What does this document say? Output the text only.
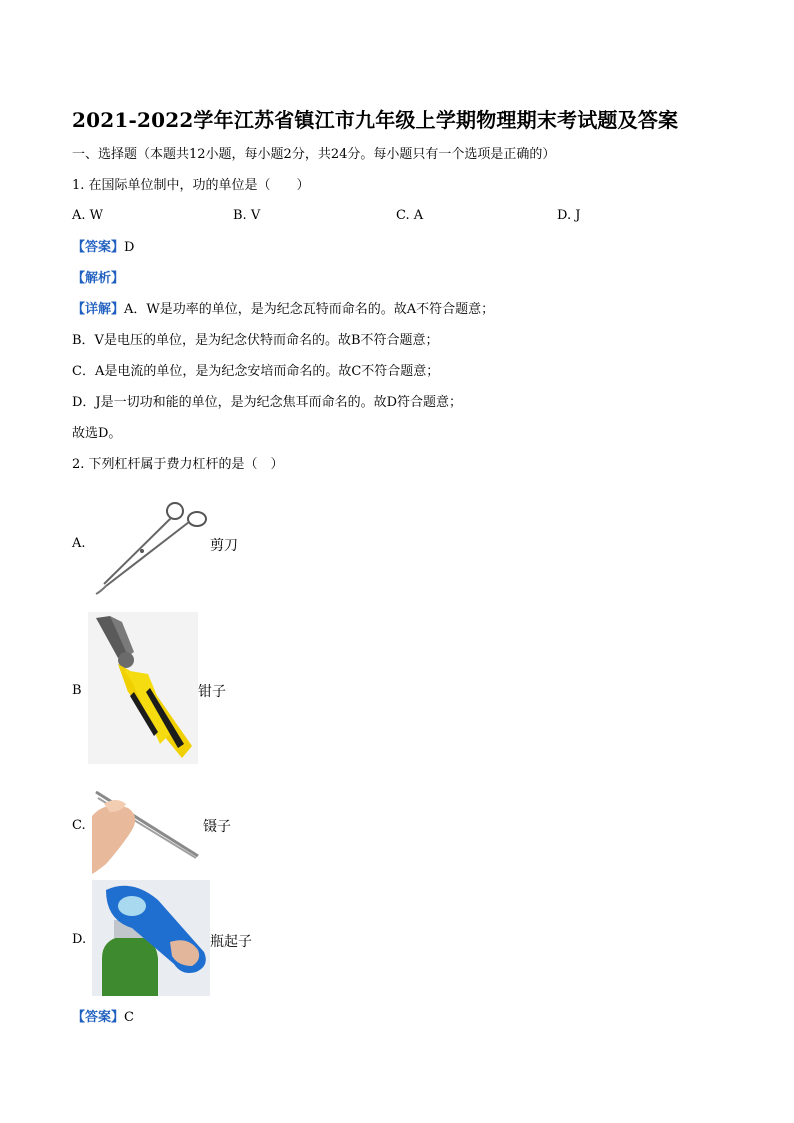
2021-2022学年江苏省镇江市九年级上学期物理期末考试题及答案
一、选择题（本题共12小题，每小题2分，共24分。每小题只有一个选项是正确的）
1. 在国际单位制中，功的单位是（　　）
A. W	B. V	C. A	D. J
【答案】D
【解析】
【详解】A．W是功率的单位，是为纪念瓦特而命名的。故A不符合题意；
B．V是电压的单位，是为纪念伏特而命名的。故B不符合题意；
C．A是电流的单位，是为纪念安培而命名的。故C不符合题意；
D．J是一切功和能的单位，是为纪念焦耳而命名的。故D符合题意；
故选D。
2. 下列杠杆属于费力杠杆的是（　）
A.	剪刀
B	钳子
C.	镊子
D.	瓶起子
【答案】C
